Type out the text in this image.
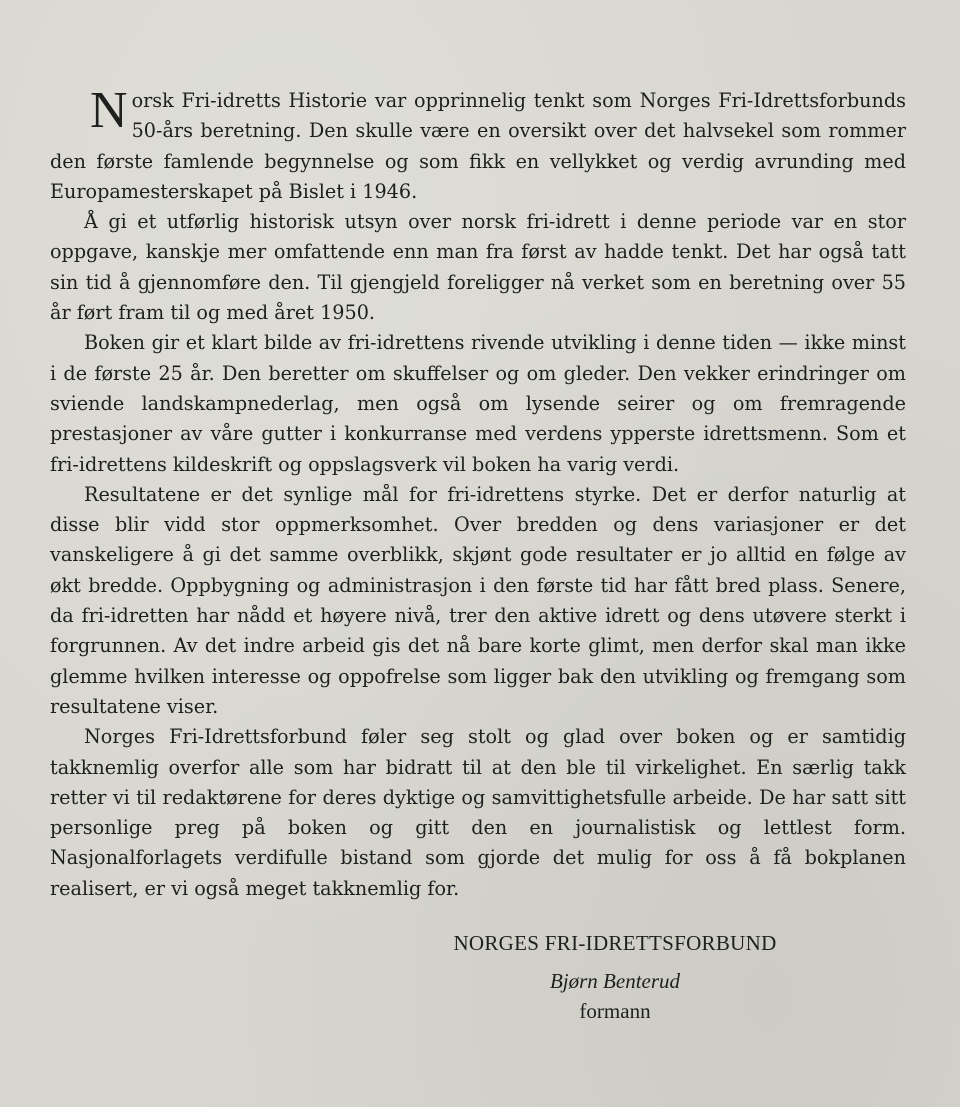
Norsk Fri-idretts Historie var opprinnelig tenkt som Norges Fri-Idrettsforbunds 50-års beretning. Den skulle være en oversikt over det halvsekel som rommer den første famlende begynnelse og som fikk en vellykket og verdig avrunding med Europamesterskapet på Bislet i 1946.

Å gi et utførlig historisk utsyn over norsk fri-idrett i denne periode var en stor oppgave, kanskje mer omfattende enn man fra først av hadde tenkt. Det har også tatt sin tid å gjennomføre den. Til gjengjeld foreligger nå verket som en beretning over 55 år ført fram til og med året 1950.

Boken gir et klart bilde av fri-idrettens rivende utvikling i denne tiden — ikke minst i de første 25 år. Den beretter om skuffelser og om gleder. Den vekker erindringer om sviende landskampnederlag, men også om lysende seirer og om fremragende prestasjoner av våre gutter i konkurranse med verdens ypperste idrettsmenn. Som et fri-idrettens kildeskrift og oppslagsverk vil boken ha varig verdi.

Resultatene er det synlige mål for fri-idrettens styrke. Det er derfor naturlig at disse blir vidd stor oppmerksomhet. Over bredden og dens variasjoner er det vanskeligere å gi det samme overblikk, skjønt gode resultater er jo alltid en følge av økt bredde. Oppbygning og administrasjon i den første tid har fått bred plass. Senere, da fri-idretten har nådd et høyere nivå, trer den aktive idrett og dens utøvere sterkt i forgrunnen. Av det indre arbeid gis det nå bare korte glimt, men derfor skal man ikke glemme hvilken interesse og oppofrelse som ligger bak den utvikling og fremgang som resultatene viser.

Norges Fri-Idrettsforbund føler seg stolt og glad over boken og er samtidig takknemlig overfor alle som har bidratt til at den ble til virkelighet. En særlig takk retter vi til redaktørene for deres dyktige og samvittighetsfulle arbeide. De har satt sitt personlige preg på boken og gitt den en journalistisk og lettlest form. Nasjonalforlagets verdifulle bistand som gjorde det mulig for oss å få bokplanen realisert, er vi også meget takknemlig for.

NORGES FRI-IDRETTSFORBUND
Bjørn Benterud
formann
